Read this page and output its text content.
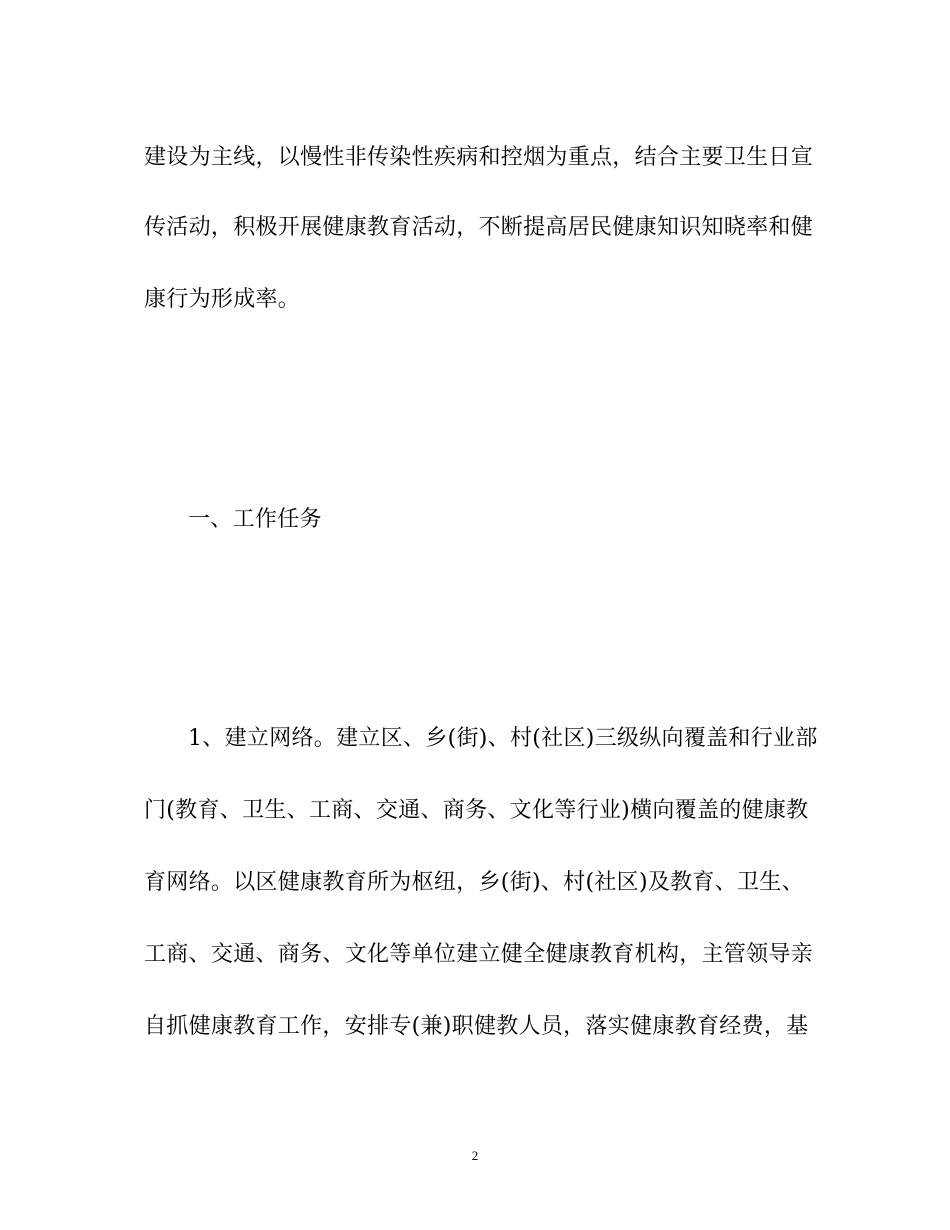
建设为主线，以慢性非传染性疾病和控烟为重点，结合主要卫生日宣
传活动，积极开展健康教育活动，不断提高居民健康知识知晓率和健
康行为形成率。
一、工作任务
1、建立网络。建立区、乡(街)、村(社区)三级纵向覆盖和行业部
门(教育、卫生、工商、交通、商务、文化等行业)横向覆盖的健康教
育网络。以区健康教育所为枢纽，乡(街)、村(社区)及教育、卫生、
工商、交通、商务、文化等单位建立健全健康教育机构，主管领导亲
自抓健康教育工作，安排专(兼)职健教人员，落实健康教育经费，基
2
